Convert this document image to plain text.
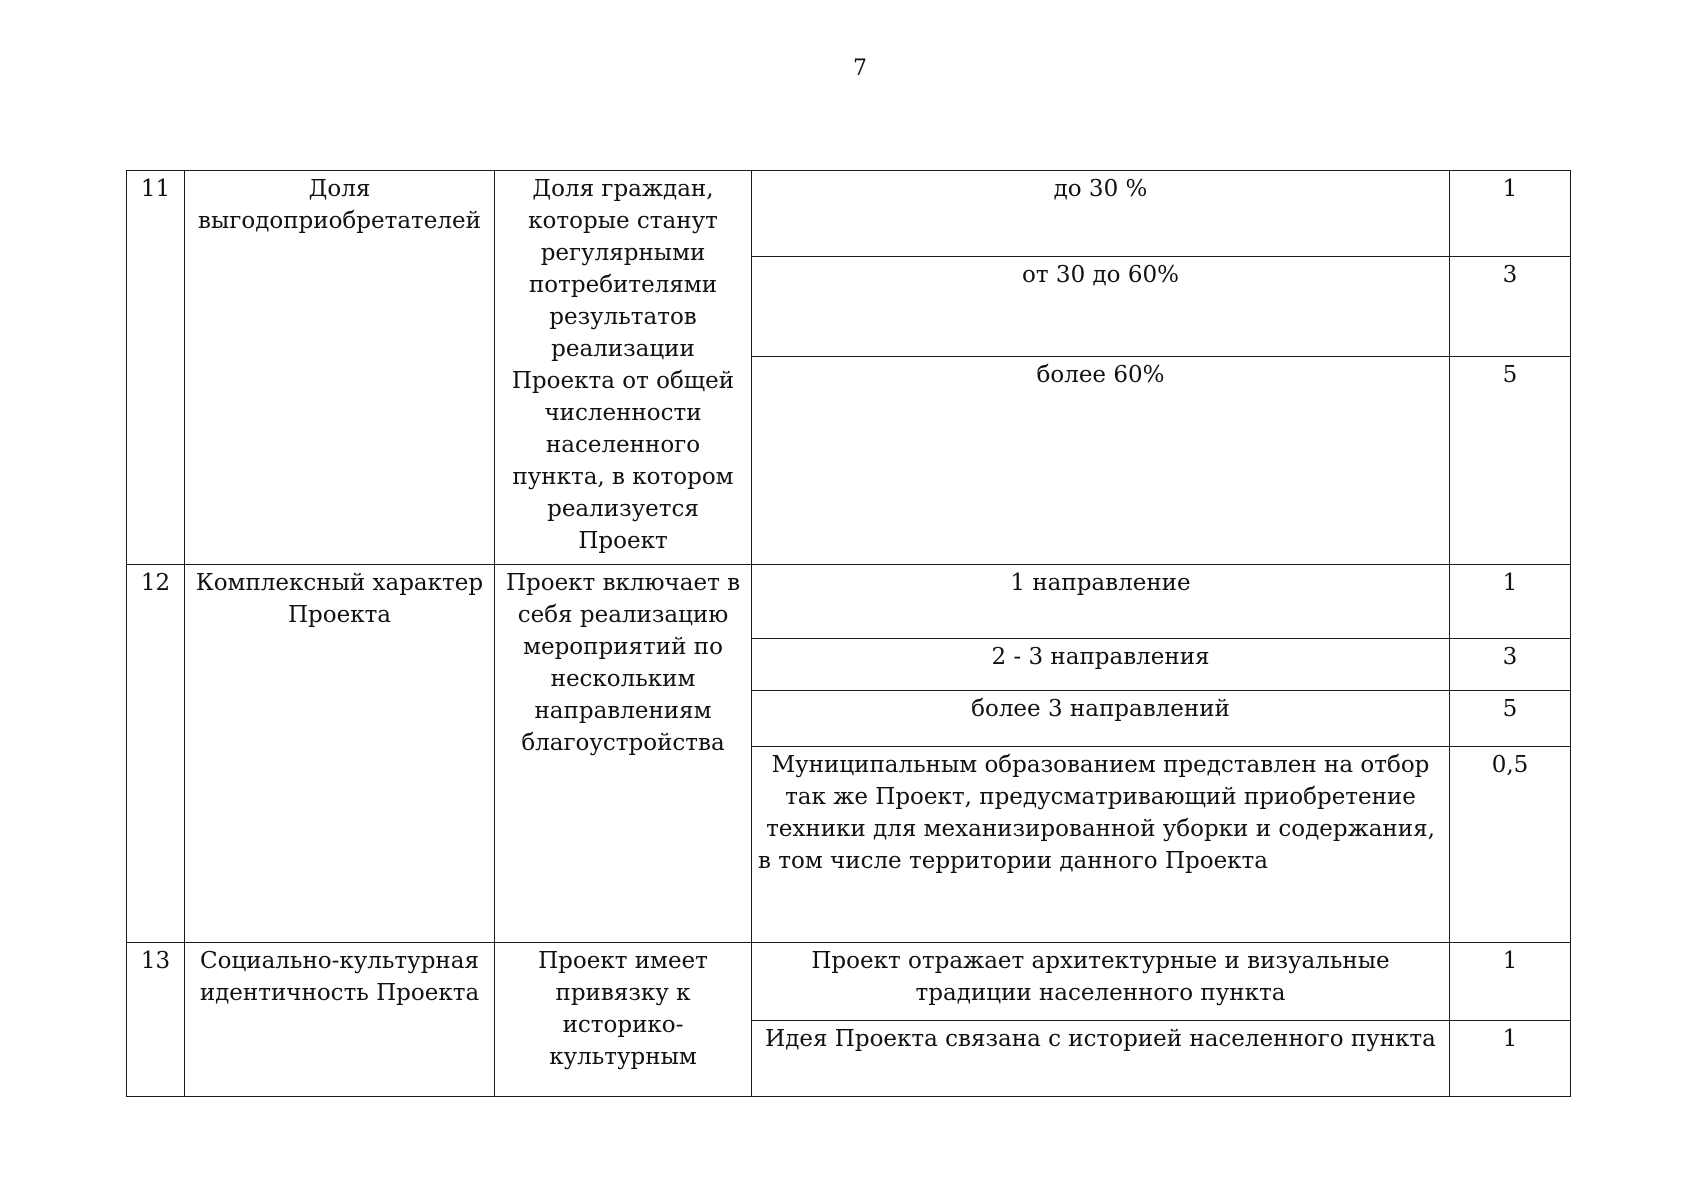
7
11	Доля выгодоприобретателей	Доля граждан, которые станут регулярными потребителями результатов реализации Проекта от общей численности населенного пункта, в котором реализуется Проект	до 30 %	1
			от 30 до 60%	3
			более 60%	5
12	Комплексный характер Проекта	Проект включает в себя реализацию мероприятий по нескольким направлениям благоустройства	1 направление	1
			2 - 3 направления	3
			более 3 направлений	5
			Муниципальным образованием представлен на отбор так же Проект, предусматривающий приобретение техники для механизированной уборки и содержания, в том числе территории данного Проекта	0,5
13	Социально-культурная идентичность Проекта	Проект имеет привязку к историко-культурным	Проект отражает архитектурные и визуальные традиции населенного пункта	1
			Идея Проекта связана с историей населенного пункта	1
